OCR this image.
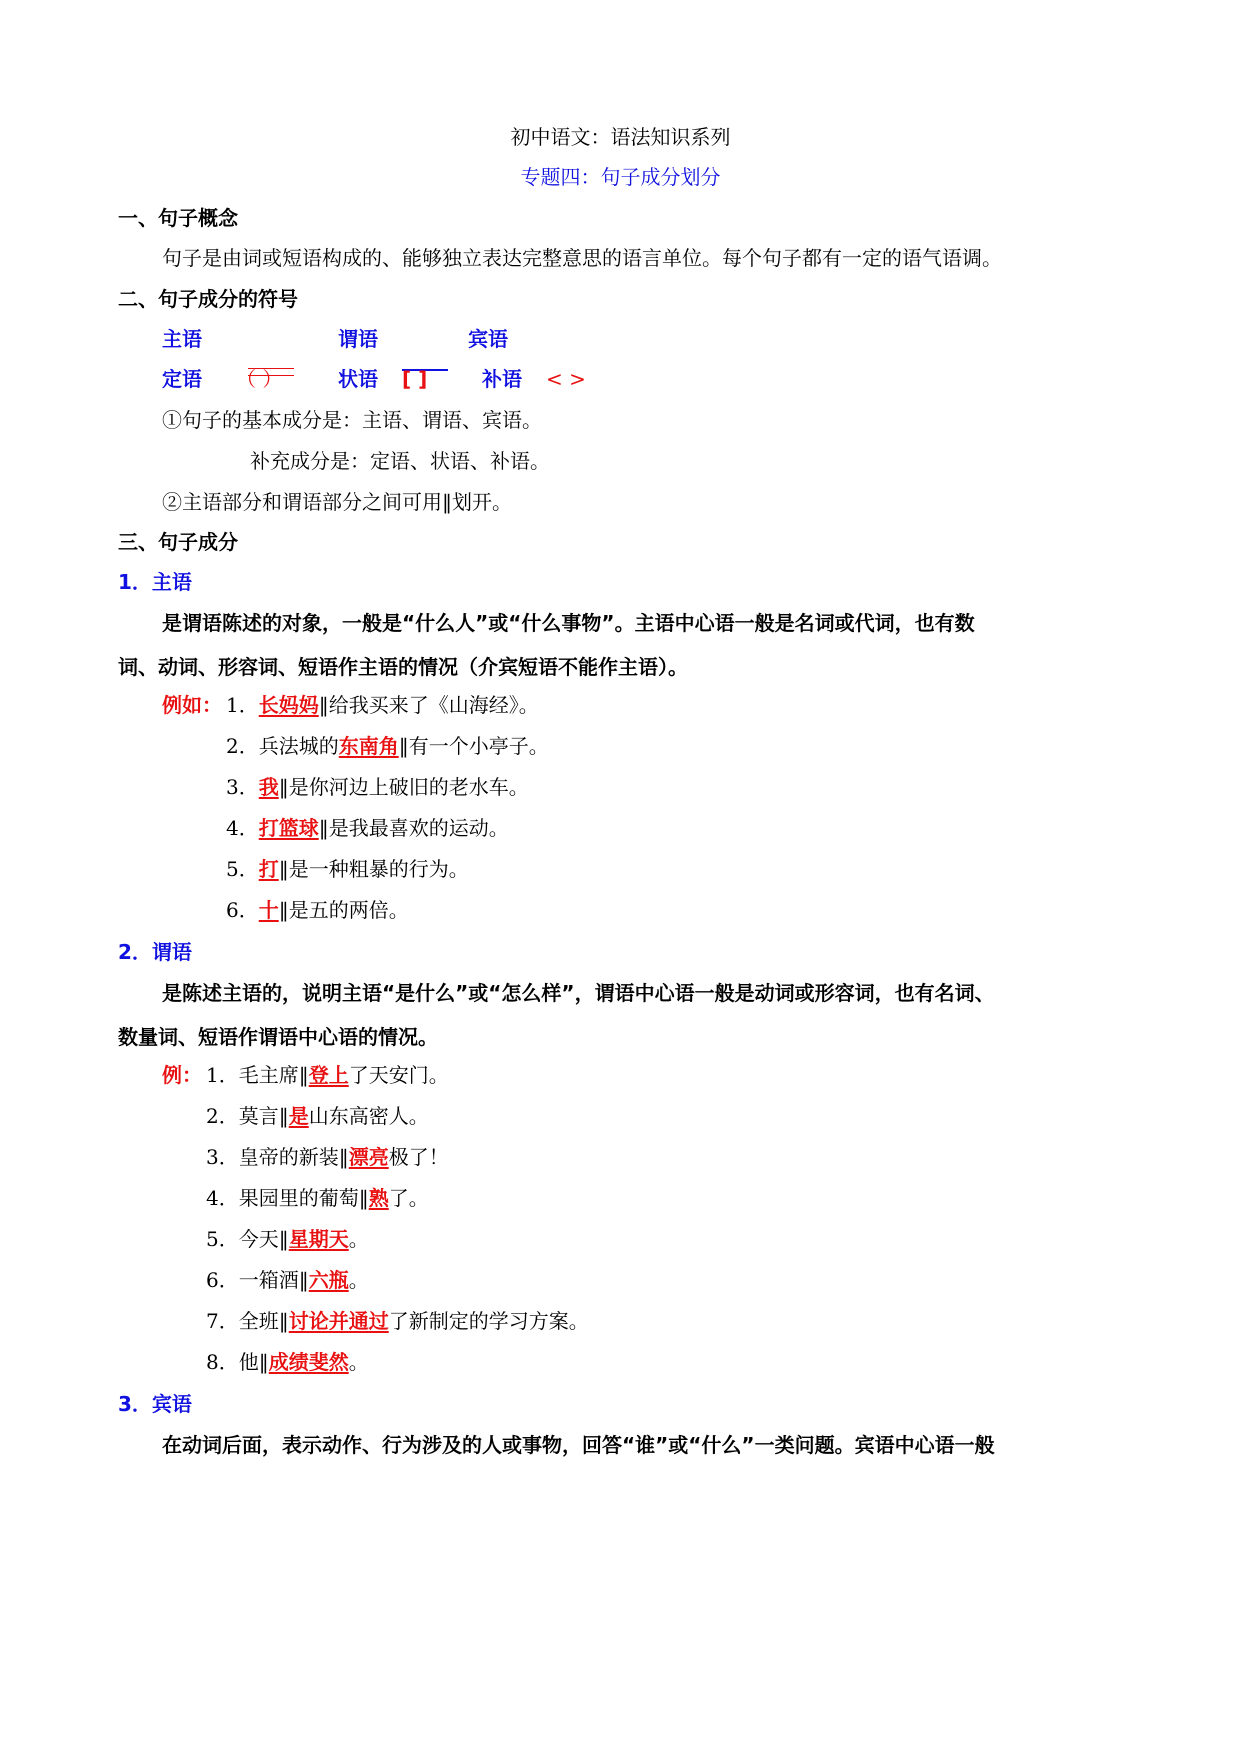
初中语文：语法知识系列
专题四：句子成分划分
一、句子概念
句子是由词或短语构成的、能够独立表达完整意思的语言单位。每个句子都有一定的语气语调。
二、句子成分的符号
主语	谓语	宾语
定语 （ ）	状语 [ ]	补语 < >
①句子的基本成分是：主语、谓语、宾语。
补充成分是：定语、状语、补语。
②主语部分和谓语部分之间可用‖划开。
三、句子成分
1．主语
是谓语陈述的对象，一般是“什么人”或“什么事物”。主语中心语一般是名词或代词，也有数
词、动词、形容词、短语作主语的情况（介宾短语不能作主语）。
例如： 1．长妈妈‖给我买来了《山海经》。
2．兵法城的东南角‖有一个小亭子。
3．我‖是你河边上破旧的老水车。
4．打篮球‖是我最喜欢的运动。
5．打‖是一种粗暴的行为。
6．十‖是五的两倍。
2．谓语
是陈述主语的，说明主语“是什么”或“怎么样”，谓语中心语一般是动词或形容词，也有名词、
数量词、短语作谓语中心语的情况。
例： 1．毛主席‖登上了天安门。
2．莫言‖是山东高密人。
3．皇帝的新装‖漂亮极了！
4．果园里的葡萄‖熟了。
5．今天‖星期天。
6．一箱酒‖六瓶。
7．全班‖讨论并通过了新制定的学习方案。
8．他‖成绩斐然。
3．宾语
在动词后面，表示动作、行为涉及的人或事物，回答“谁”或“什么”一类问题。宾语中心语一般
